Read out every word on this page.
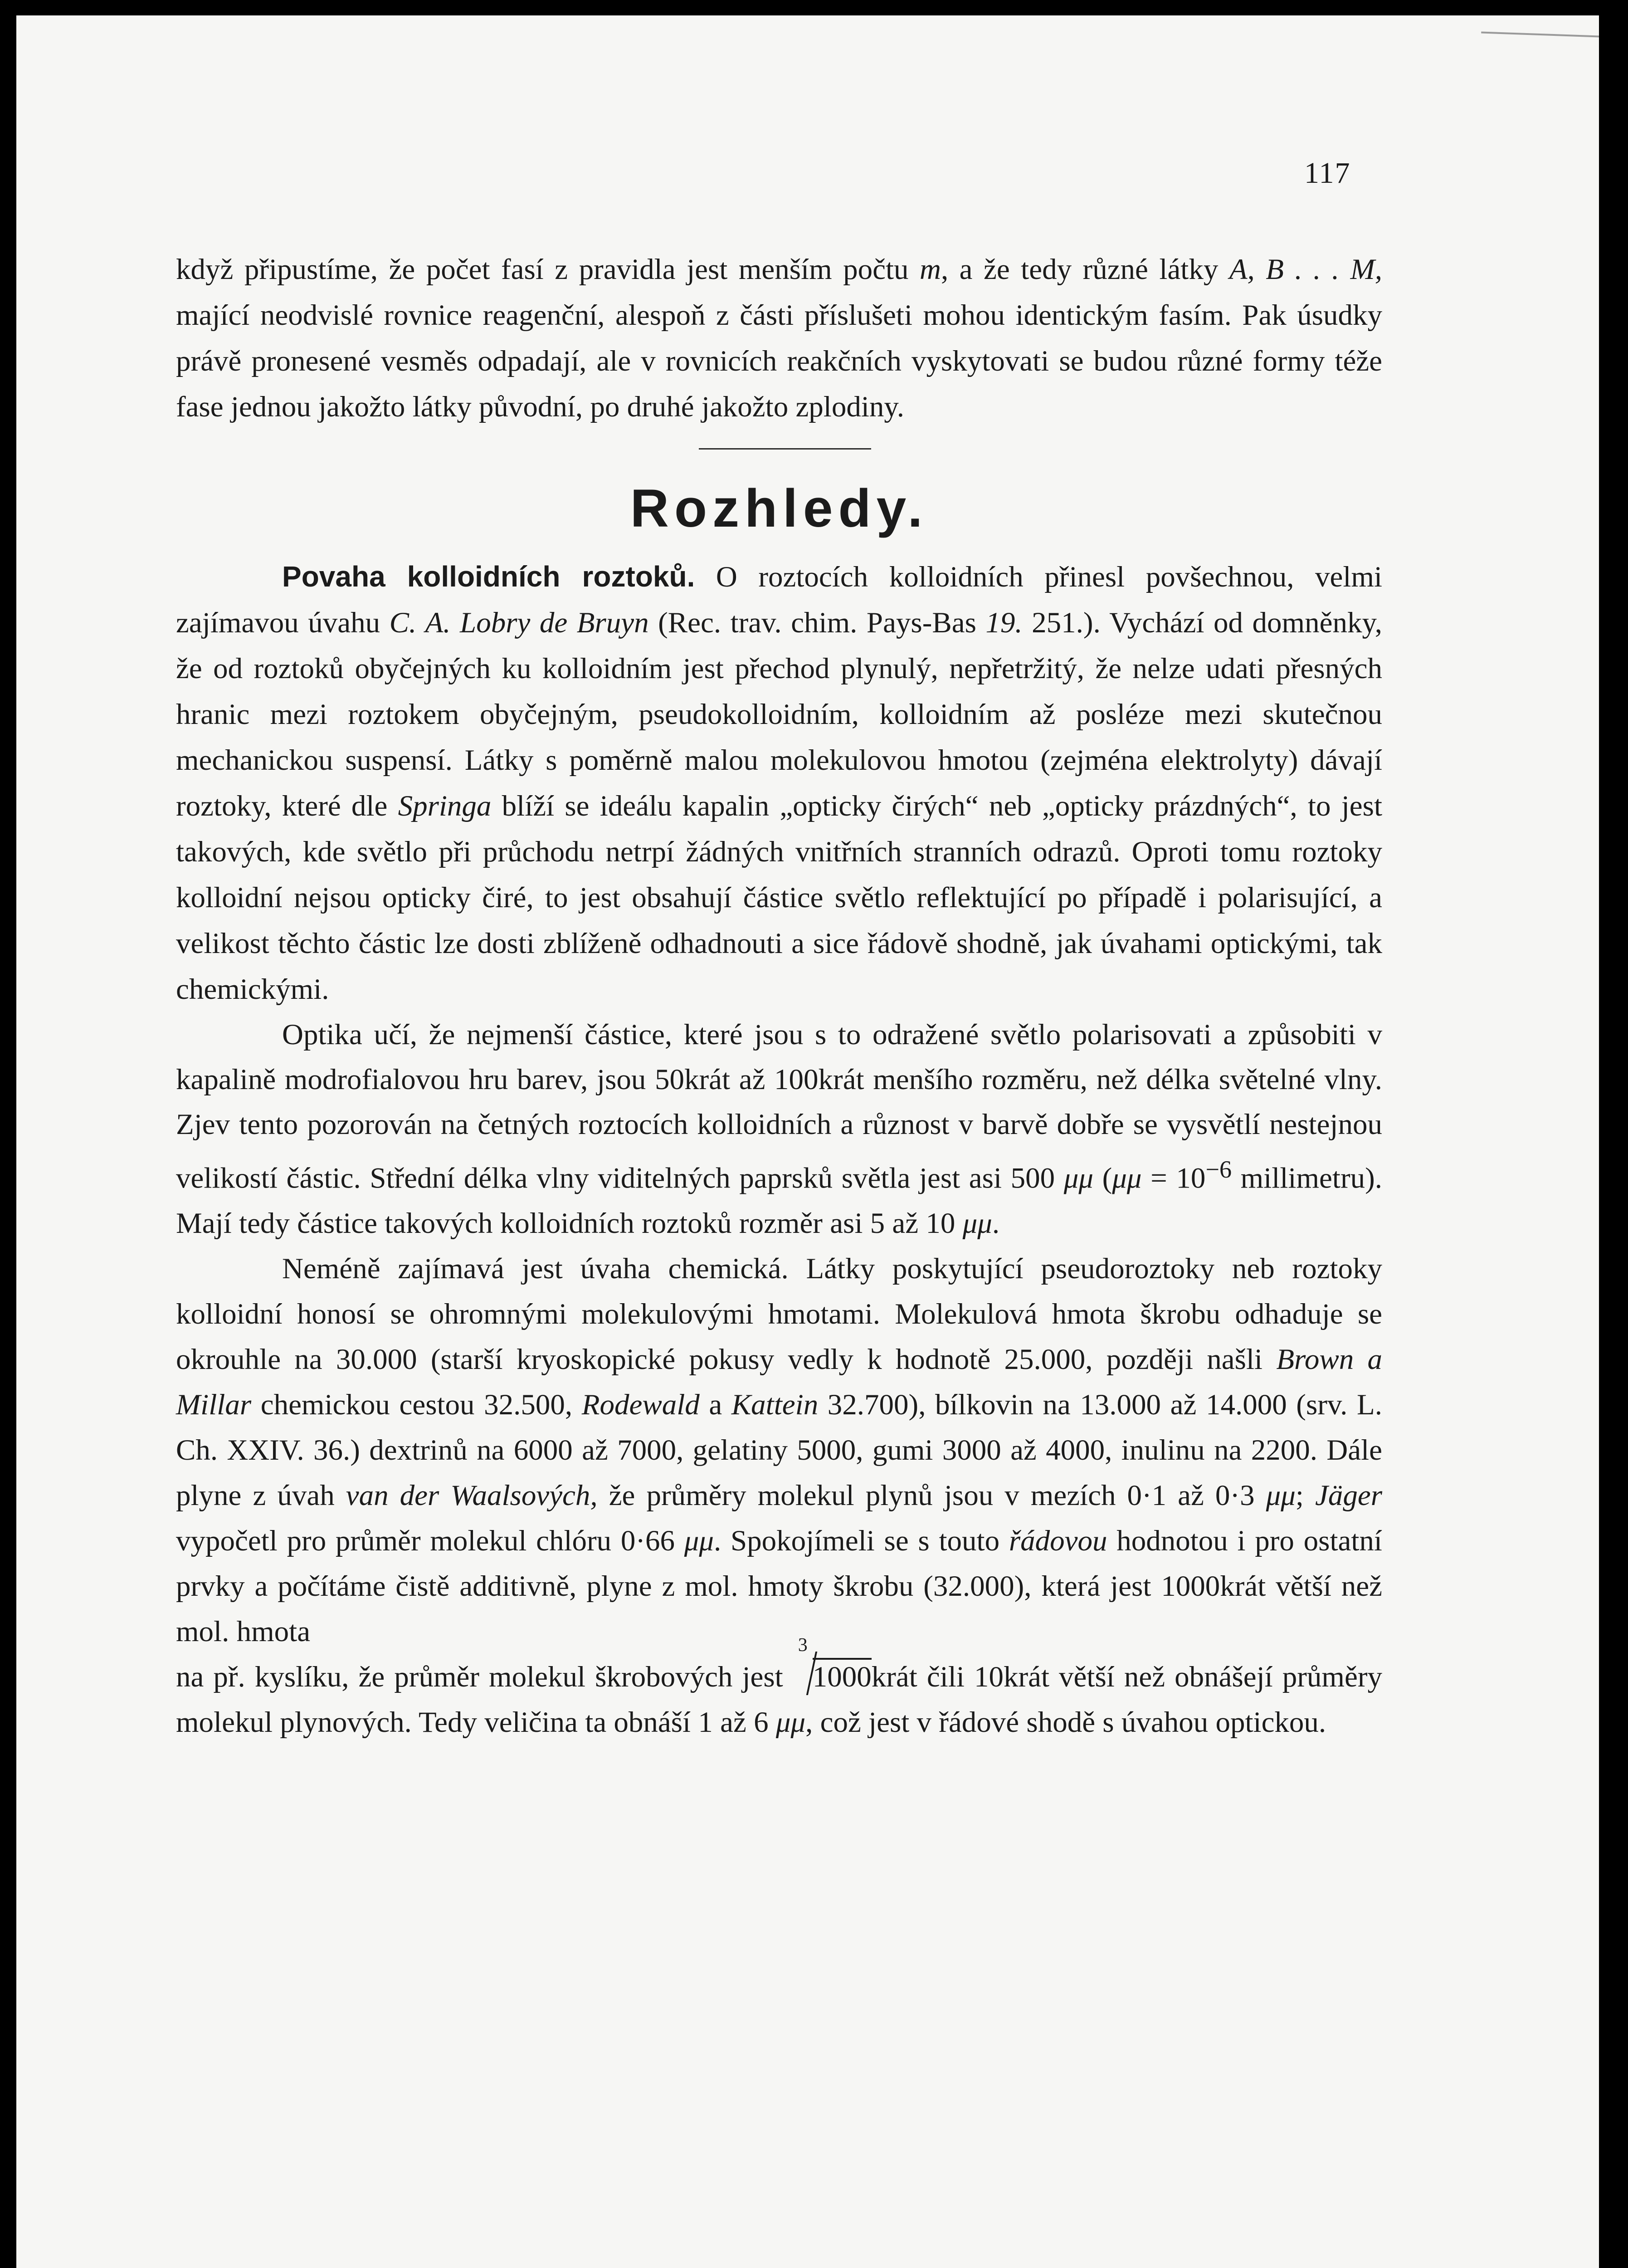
117

když připustíme, že počet fasí z pravidla jest menším počtu m, a že tedy různé látky A, B . . . M, mající neodvislé rovnice reagenční, alespoň z části příslušeti mohou identickým fasím. Pak úsudky právě pronesené vesměs odpadají, ale v rovnicích reakčních vyskytovati se budou různé formy téže fase jednou jakožto látky původní, po druhé jakožto zplodiny.

Rozhledy.

Povaha kolloidních roztoků. O roztocích kolloidních přinesl povšechnou, velmi zajímavou úvahu C. A. Lobry de Bruyn (Rec. trav. chim. Pays-Bas 19. 251.). Vychází od domněnky, že od roztoků obyčejných ku kolloidním jest přechod plynulý, nepřetržitý, že nelze udati přesných hranic mezi roztokem obyčejným, pseudokolloidním, kolloidním až posléze mezi skutečnou mechanickou suspensí. Látky s poměrně malou molekulovou hmotou (zejména elektrolyty) dávají roztoky, které dle Springa blíží se ideálu kapalin „opticky čirých“ neb „opticky prázdných“, to jest takových, kde světlo při průchodu netrpí žádných vnitřních stranních odrazů. Oproti tomu roztoky kolloidní nejsou opticky čiré, to jest obsahují částice světlo reflektující po případě i polarisující, a velikost těchto částic lze dosti zblíženě odhadnouti a sice řádově shodně, jak úvahami optickými, tak chemickými.

Optika učí, že nejmenší částice, které jsou s to odražené světlo polarisovati a způsobiti v kapalině modrofialovou hru barev, jsou 50krát až 100krát menšího rozměru, než délka světelné vlny. Zjev tento pozorován na četných roztocích kolloidních a různost v barvě dobře se vysvětlí nestejnou velikostí částic. Střední délka vlny viditelných paprsků světla jest asi 500 μμ ($\mu\mu = 10^{-6}$ millimetru). Mají tedy částice takových kolloidních roztoků rozměr asi 5 až 10 μμ.

Neméně zajímavá jest úvaha chemická. Látky poskytující pseudoroztoky neb roztoky kolloidní honosí se ohromnými molekulovými hmotami. Molekulová hmota škrobu odhaduje se okrouhle na 30.000 (starší kryoskopické pokusy vedly k hodnotě 25.000, později našli Brown a Millar chemickou cestou 32.500, Rodewald a Kattein 32.700), bílkovin na 13.000 až 14.000 (srv. L. Ch. XXIV. 36.) dextrinů na 6000 až 7000, gelatiny 5000, gumi 3000 až 4000, inulinu na 2200. Dále plyne z úvah van der Waalsových, že průměry molekul plynů jsou v mezích 0·1 až 0·3 μμ; Jäger vypočetl pro průměr molekul chlóru 0·66 μμ. Spokojímeli se s touto řádovou hodnotou i pro ostatní prvky a počítáme čistě additivně, plyne z mol. hmoty škrobu (32.000), která jest 1000krát větší než mol. hmota

na př. kyslíku, že průměr molekul škrobových jest
3
1000krát čili 10krát větší než obnášejí průměry molekul plynových. Tedy veličina ta obnáší 1 až 6 μμ, což jest v řádové shodě s úvahou optickou.
